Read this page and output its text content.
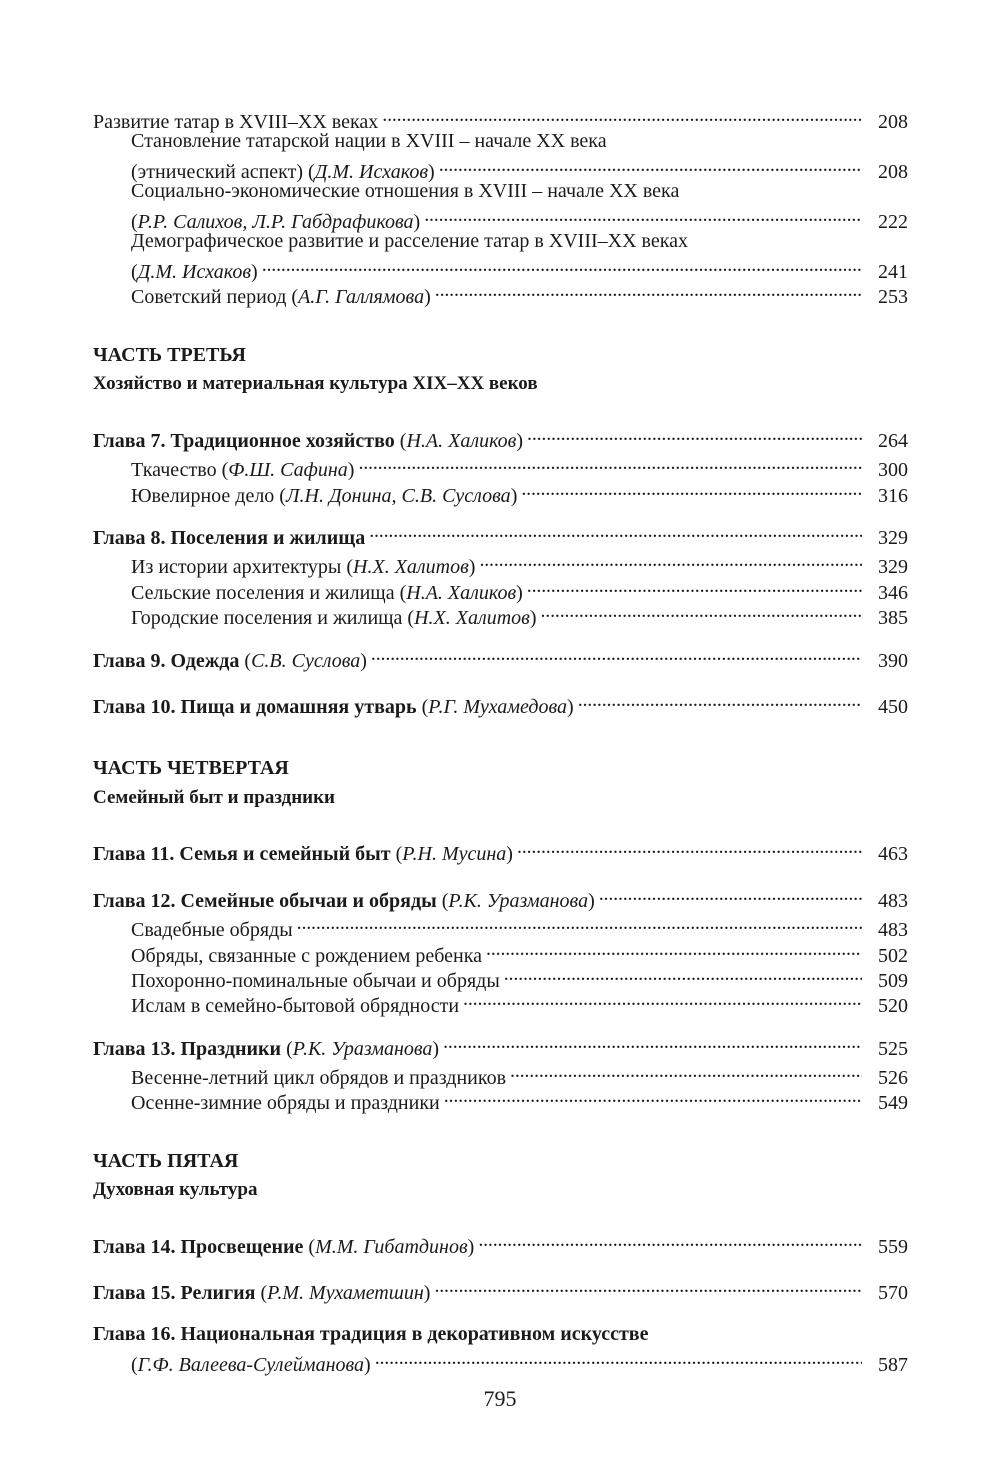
Развитие татар в XVIII–XX веках . . .	208
Становление татарской нации в XVIII – начале XX века
(этнический аспект) (Д.М. Исхаков) . . .	208
Социально-экономические отношения в XVIII – начале XX века
(Р.Р. Салихов, Л.Р. Габдрафикова) . . .	222
Демографическое развитие и расселение татар в XVIII–XX веках
(Д.М. Исхаков) . . .	241
Советский период (А.Г. Галлямова) . . .	253
ЧАСТЬ ТРЕТЬЯ
Хозяйство и материальная культура XIX–XX веков
Глава 7. Традиционное хозяйство (Н.А. Халиков) . . .	264
Ткачество (Ф.Ш. Сафина) . . .	300
Ювелирное дело (Л.Н. Донина, С.В. Суслова) . . .	316
Глава 8. Поселения и жилища . . .	329
Из истории архитектуры (Н.Х. Халитов) . . .	329
Сельские поселения и жилища (Н.А. Халиков) . . .	346
Городские поселения и жилища (Н.Х. Халитов) . . .	385
Глава 9. Одежда (С.В. Суслова) . . .	390
Глава 10. Пища и домашняя утварь (Р.Г. Мухамедова) . . .	450
ЧАСТЬ ЧЕТВЕРТАЯ
Семейный быт и праздники
Глава 11. Семья и семейный быт (Р.Н. Мусина) . . .	463
Глава 12. Семейные обычаи и обряды (Р.К. Уразманова) . . .	483
Свадебные обряды . . .	483
Обряды, связанные с рождением ребенка . . .	502
Похоронно-поминальные обычаи и обряды . . .	509
Ислам в семейно-бытовой обрядности . . .	520
Глава 13. Праздники (Р.К. Уразманова) . . .	525
Весенне-летний цикл обрядов и праздников . . .	526
Осенне-зимние обряды и праздники . . .	549
ЧАСТЬ ПЯТАЯ
Духовная культура
Глава 14. Просвещение (М.М. Гибатдинов) . . .	559
Глава 15. Религия (Р.М. Мухаметшин) . . .	570
Глава 16. Национальная традиция в декоративном искусстве
(Г.Ф. Валеева-Сулейманова) . . .	587
795
